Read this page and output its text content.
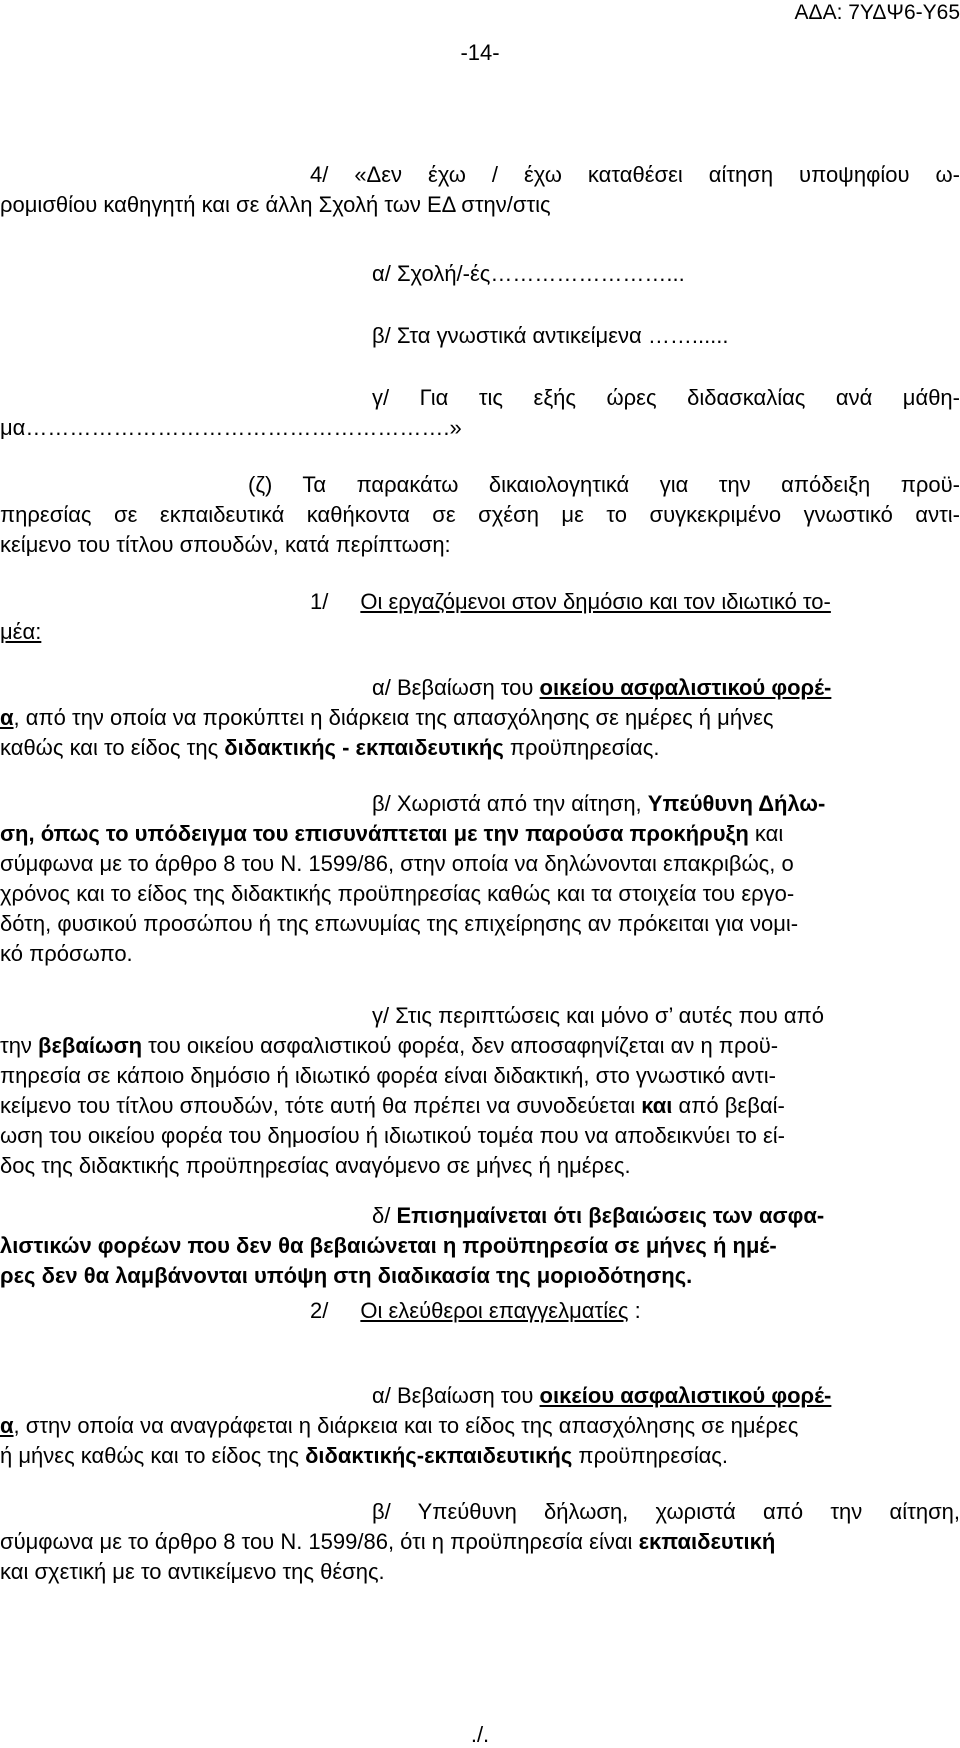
ΑΔΑ: 7ΥΔΨ6-Υ65
-14-
4/ «Δεν έχω / έχω καταθέσει αίτηση υποψηφίου ω-
ρομισθίου καθηγητή και σε άλλη Σχολή των ΕΔ στην/στις
α/ Σχολή/-ές……………………...
β/ Στα γνωστικά αντικείμενα ……......
γ/ Για τις εξής ώρες διδασκαλίας ανά μάθη-
μα………………………………………………….»
(ζ) Τα παρακάτω δικαιολογητικά για την απόδειξη προϋ-
πηρεσίας σε εκπαιδευτικά καθήκοντα σε σχέση με το συγκεκριμένο γνωστικό αντι-
κείμενο του τίτλου σπουδών, κατά περίπτωση:
1/ Οι εργαζόμενοι στον δημόσιο και τον ιδιωτικό το-
μέα:
α/ Βεβαίωση του οικείου ασφαλιστικού φορέ-
α, από την οποία να προκύπτει η διάρκεια της απασχόλησης σε ημέρες ή μήνες
καθώς και το είδος της διδακτικής - εκπαιδευτικής προϋπηρεσίας.
β/ Χωριστά από την αίτηση, Υπεύθυνη Δήλω-
ση, όπως το υπόδειγμα του επισυνάπτεται με την παρούσα προκήρυξη και
σύμφωνα με το άρθρο 8 του Ν. 1599/86, στην οποία να δηλώνονται επακριβώς, ο
χρόνος και το είδος της διδακτικής προϋπηρεσίας καθώς και τα στοιχεία του εργο-
δότη, φυσικού προσώπου ή της επωνυμίας της επιχείρησης αν πρόκειται για νομι-
κό πρόσωπο.
γ/ Στις περιπτώσεις και μόνο σ’ αυτές που από
την βεβαίωση του οικείου ασφαλιστικού φορέα, δεν αποσαφηνίζεται αν η προϋ-
πηρεσία σε κάποιο δημόσιο ή ιδιωτικό φορέα είναι διδακτική, στο γνωστικό αντι-
κείμενο του τίτλου σπουδών, τότε αυτή θα πρέπει να συνοδεύεται και από βεβαί-
ωση του οικείου φορέα του δημοσίου ή ιδιωτικού τομέα που να αποδεικνύει το εί-
δος της διδακτικής προϋπηρεσίας αναγόμενο σε μήνες ή ημέρες.
δ/ Επισημαίνεται ότι βεβαιώσεις των ασφα-
λιστικών φορέων που δεν θα βεβαιώνεται η προϋπηρεσία σε μήνες ή ημέ-
ρες δεν θα λαμβάνονται υπόψη στη διαδικασία της μοριοδότησης.
2/ Οι ελεύθεροι επαγγελματίες :
α/ Βεβαίωση του οικείου ασφαλιστικού φορέ-
α, στην οποία να αναγράφεται η διάρκεια και το είδος της απασχόλησης σε ημέρες
ή μήνες καθώς και το είδος της διδακτικής-εκπαιδευτικής προϋπηρεσίας.
β/ Υπεύθυνη δήλωση, χωριστά από την αίτηση,
σύμφωνα με το άρθρο 8 του Ν. 1599/86, ότι η προϋπηρεσία είναι εκπαιδευτική
και σχετική με το αντικείμενο της θέσης.
./.
